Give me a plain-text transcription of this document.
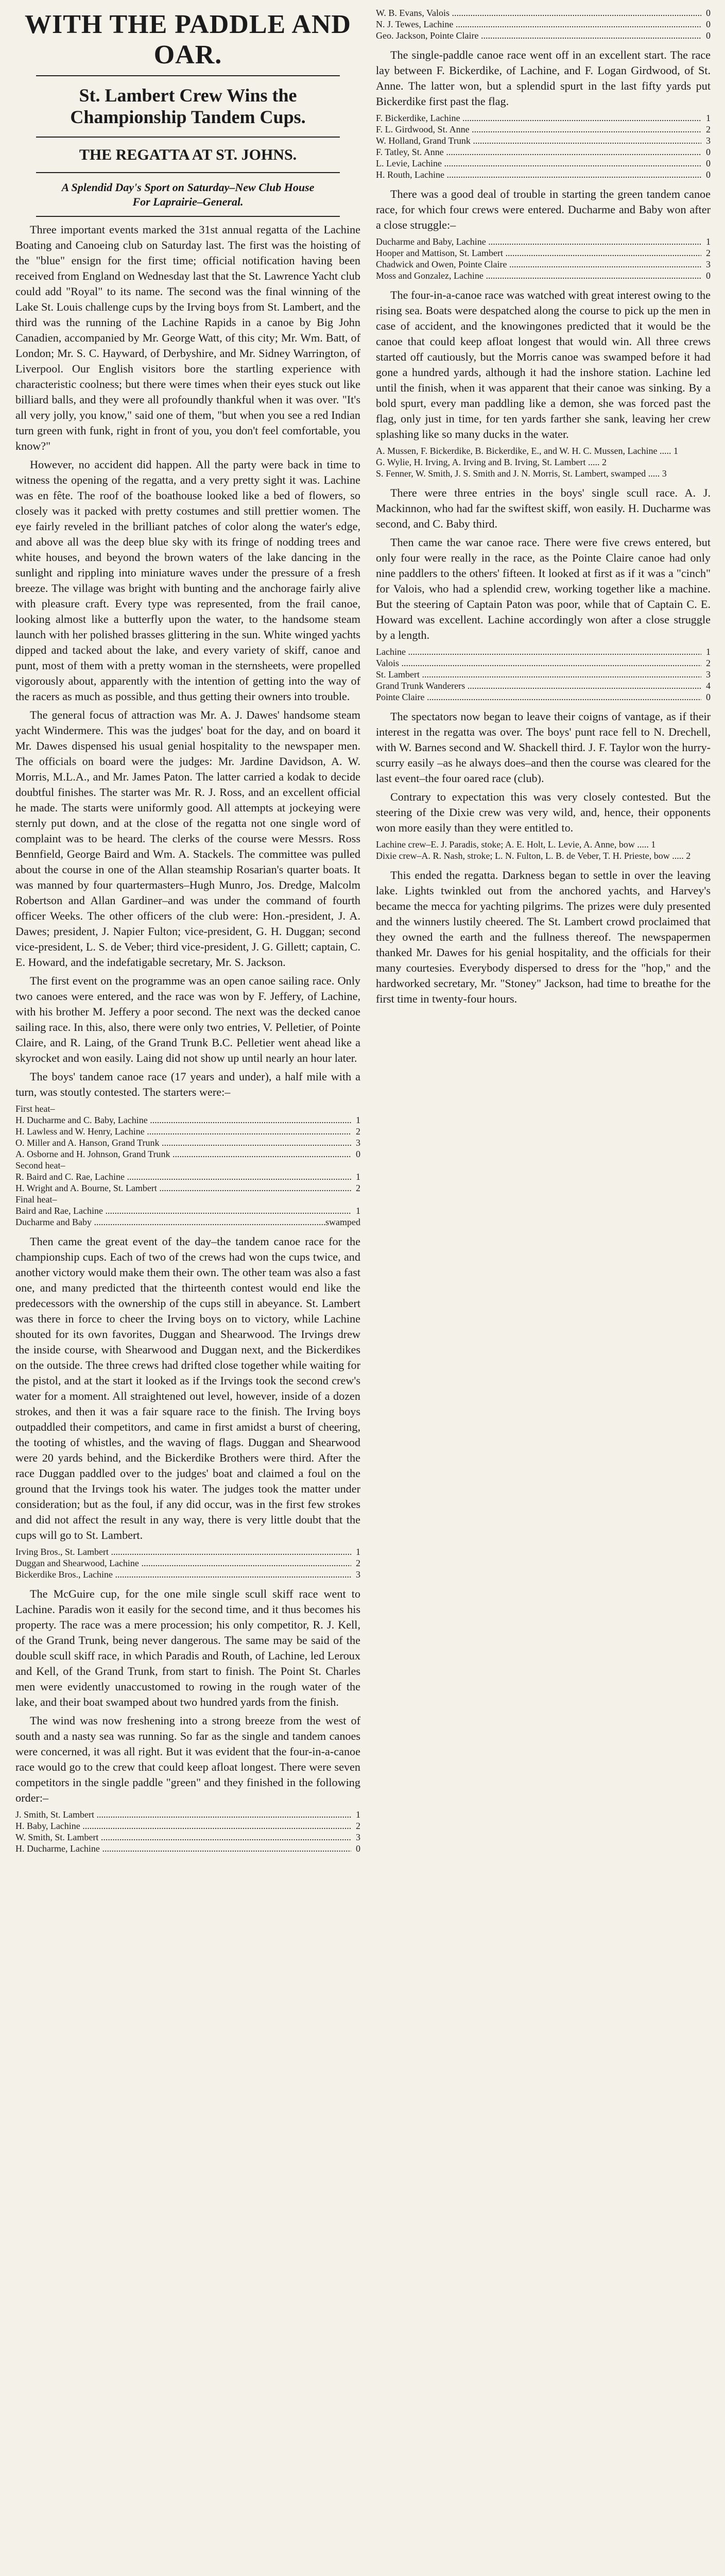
WITH THE PADDLE AND OAR.
St. Lambert Crew Wins the Championship Tandem Cups.
THE REGATTA AT ST. JOHNS.
A Splendid Day's Sport on Saturday–New Club House For Laprairie–General.

Three important events marked the 31st annual regatta of the Lachine Boating and Canoeing club on Saturday last. The first was the hoisting of the "blue" ensign for the first time; official notification having been received from England on Wednesday last that the St. Lawrence Yacht club could add "Royal" to its name. The second was the final winning of the Lake St. Louis challenge cups by the Irving boys from St. Lambert, and the third was the running of the Lachine Rapids in a canoe by Big John Canadien, accompanied by Mr. George Watt, of this city; Mr. Wm. Batt, of London; Mr. S. C. Hayward, of Derbyshire, and Mr. Sidney Warrington, of Liverpool. Our English visitors bore the startling experience with characteristic coolness; but there were times when their eyes stuck out like billiard balls, and they were all profoundly thankful when it was over. "It's all very jolly, you know," said one of them, "but when you see a red Indian turn green with funk, right in front of you, you don't feel comfortable, you know?"

However, no accident did happen. All the party were back in time to witness the opening of the regatta, and a very pretty sight it was. Lachine was en fête. The roof of the boathouse looked like a bed of flowers, so closely was it packed with pretty costumes and still prettier women. The eye fairly reveled in the brilliant patches of color along the water's edge, and above all was the deep blue sky with its fringe of nodding trees and white houses, and beyond the brown waters of the lake dancing in the sunlight and rippling into miniature waves under the pressure of a fresh breeze. The village was bright with bunting and the anchorage fairly alive with pleasure craft. Every type was represented, from the frail canoe, looking almost like a butterfly upon the water, to the handsome steam launch with her polished brasses glittering in the sun. White winged yachts dipped and tacked about the lake, and every variety of skiff, canoe and punt, most of them with a pretty woman in the sternsheets, were propelled vigorously about, apparently with the intention of getting into the way of the racers as much as possible, and thus getting their owners into trouble.

The general focus of attraction was Mr. A. J. Dawes' handsome steam yacht Windermere. This was the judges' boat for the day, and on board it Mr. Dawes dispensed his usual genial hospitality to the newspaper men. The officials on board were the judges: Mr. Jardine Davidson, A. W. Morris, M.L.A., and Mr. James Paton. The latter carried a kodak to decide doubtful finishes. The starter was Mr. R. J. Ross, and an excellent official he made. The starts were uniformly good. All attempts at jockeying were sternly put down, and at the close of the regatta not one single word of complaint was to be heard. The clerks of the course were Messrs. Ross Bennfield, George Baird and Wm. A. Stackels. The committee was pulled about the course in one of the Allan steamship Rosarian's quarter boats. It was manned by four quartermasters–Hugh Munro, Jos. Dredge, Malcolm Robertson and Allan Gardiner–and was under the command of fourth officer Weeks. The other officers of the club were: Hon.-president, J. A. Dawes; president, J. Napier Fulton; vice-president, G. H. Duggan; second vice-president, L. S. de Veber; third vice-president, J. G. Gillett; captain, C. E. Howard, and the indefatigable secretary, Mr. S. Jackson.

The first event on the programme was an open canoe sailing race. Only two canoes were entered, and the race was won by F. Jeffery, of Lachine, with his brother M. Jeffery a poor second. The next was the decked canoe sailing race. In this, also, there were only two entries, V. Pelletier, of Pointe Claire, and R. Laing, of the Grand Trunk B.C. Pelletier went ahead like a skyrocket and won easily. Laing did not show up until nearly an hour later.

The boys' tandem canoe race (17 years and under), a half mile with a turn, was stoutly contested. The starters were:–

First heat–
H. Ducharme and C. Baby, Lachine .....	1
H. Lawless and W. Henry, Lachine .....	2
O. Miller and A. Hanson, Grand Trunk .....	3
A. Osborne and H. Johnson, Grand Trunk .....	0
Second heat–
R. Baird and C. Rae, Lachine .....	1
H. Wright and A. Bourne, St. Lambert .....	2
Final heat–
Baird and Rae, Lachine .....	1
Ducharme and Baby .....	swamped

Then came the great event of the day–the tandem canoe race for the championship cups. Each of two of the crews had won the cups twice, and another victory would make them their own. The other team was also a fast one, and many predicted that the thirteenth contest would end like the predecessors with the ownership of the cups still in abeyance. St. Lambert was there in force to cheer the Irving boys on to victory, while Lachine shouted for its own favorites, Duggan and Shearwood. The Irvings drew the inside course, with Shearwood and Duggan next, and the Bickerdikes on the outside. The three crews had drifted close together while waiting for the pistol, and at the start it looked as if the Irvings took the second crew's water for a moment. All straightened out level, however, inside of a dozen strokes, and then it was a fair square race to the finish. The Irving boys outpaddled their competitors, and came in first amidst a burst of cheering, the tooting of whistles, and the waving of flags. Duggan and Shearwood were 20 yards behind, and the Bickerdike Brothers were third. After the race Duggan paddled over to the judges' boat and claimed a foul on the ground that the Irvings took his water. The judges took the matter under consideration; but as the foul, if any did occur, was in the first few strokes and did not affect the result in any way, there is very little doubt that the cups will go to St. Lambert.

Irving Bros., St. Lambert .....	1
Duggan and Shearwood, Lachine .....	2
Bickerdike Bros., Lachine .....	3

The McGuire cup, for the one mile single scull skiff race went to Lachine. Paradis won it easily for the second time, and it thus becomes his property. The race was a mere procession; his only competitor, R. J. Kell, of the Grand Trunk, being never dangerous. The same may be said of the double scull skiff race, in which Paradis and Routh, of Lachine, led Leroux and Kell, of the Grand Trunk, from start to finish. The Point St. Charles men were evidently unaccustomed to rowing in the rough water of the lake, and their boat swamped about two hundred yards from the finish.

The wind was now freshening into a strong breeze from the west of south and a nasty sea was running. So far as the single and tandem canoes were concerned, it was all right. But it was evident that the four-in-a-canoe race would go to the crew that could keep afloat longest. There were seven competitors in the single paddle "green" and they finished in the following order:–

J. Smith, St. Lambert .....	1
H. Baby, Lachine .....	2
W. Smith, St. Lambert .....	3
H. Ducharme, Lachine .....	0
W. B. Evans, Valois .....	0
N. J. Tewes, Lachine .....	0
Geo. Jackson, Pointe Claire .....	0

The single-paddle canoe race went off in an excellent start. The race lay between F. Bickerdike, of Lachine, and F. Logan Girdwood, of St. Anne. The latter won, but a splendid spurt in the last fifty yards put Bickerdike first past the flag.

F. Bickerdike, Lachine .....	1
F. L. Girdwood, St. Anne .....	2
W. Holland, Grand Trunk .....	3
F. Tatley, St. Anne .....	0
L. Levie, Lachine .....	0
H. Routh, Lachine .....	0

There was a good deal of trouble in starting the green tandem canoe race, for which four crews were entered. Ducharme and Baby won after a close struggle:–

Ducharme and Baby, Lachine .....	1
Hooper and Mattison, St. Lambert .....	2
Chadwick and Owen, Pointe Claire .....	3
Moss and Gonzalez, Lachine .....	0

The four-in-a-canoe race was watched with great interest owing to the rising sea. Boats were despatched along the course to pick up the men in case of accident, and the knowingones predicted that it would be the canoe that could keep afloat longest that would win. All three crews started off cautiously, but the Morris canoe was swamped before it had gone a hundred yards, although it had the inshore station. Lachine led until the finish, when it was apparent that their canoe was sinking. By a bold spurt, every man paddling like a demon, she was forced past the flag, only just in time, for ten yards farther she sank, leaving her crew splashing like so many ducks in the water.

A. Mussen, F. Bickerdike, B. Bickerdike, E., and W. H. C. Mussen, Lachine ..... 1
G. Wylie, H. Irving, A. Irving and B. Irving, St. Lambert ..... 2
S. Fenner, W. Smith, J. S. Smith and J. N. Morris, St. Lambert, swamped ..... 3

There were three entries in the boys' single scull race. A. J. Mackinnon, who had far the swiftest skiff, won easily. H. Ducharme was second, and C. Baby third.

Then came the war canoe race. There were five crews entered, but only four were really in the race, as the Pointe Claire canoe had only nine paddlers to the others' fifteen. It looked at first as if it was a "cinch" for Valois, who had a splendid crew, working together like a machine. But the steering of Captain Paton was poor, while that of Captain C. E. Howard was excellent. Lachine accordingly won after a close struggle by a length.

Lachine .....	1
Valois .....	2
St. Lambert .....	3
Grand Trunk Wanderers .....	4
Pointe Claire .....	0

The spectators now began to leave their coigns of vantage, as if their interest in the regatta was over. The boys' punt race fell to N. Drechell, with W. Barnes second and W. Shackell third. J. F. Taylor won the hurry-scurry easily –as he always does–and then the course was cleared for the last event–the four oared race (club).

Contrary to expectation this was very closely contested. But the steering of the Dixie crew was very wild, and, hence, their opponents won more easily than they were entitled to.

Lachine crew–E. J. Paradis, stoke; A. E. Holt, L. Levie, A. Anne, bow ..... 1
Dixie crew–A. R. Nash, stroke; L. N. Fulton, L. B. de Veber, T. H. Prieste, bow ..... 2

This ended the regatta. Darkness began to settle in over the leaving lake. Lights twinkled out from the anchored yachts, and Harvey's became the mecca for yachting pilgrims. The prizes were duly presented and the winners lustily cheered. The St. Lambert crowd proclaimed that they owned the earth and the fullness thereof. The newspapermen thanked Mr. Dawes for his genial hospitality, and the officials for their many courtesies. Everybody dispersed to dress for the "hop," and the hardworked secretary, Mr. "Stoney" Jackson, had time to breathe for the first time in twenty-four hours.
